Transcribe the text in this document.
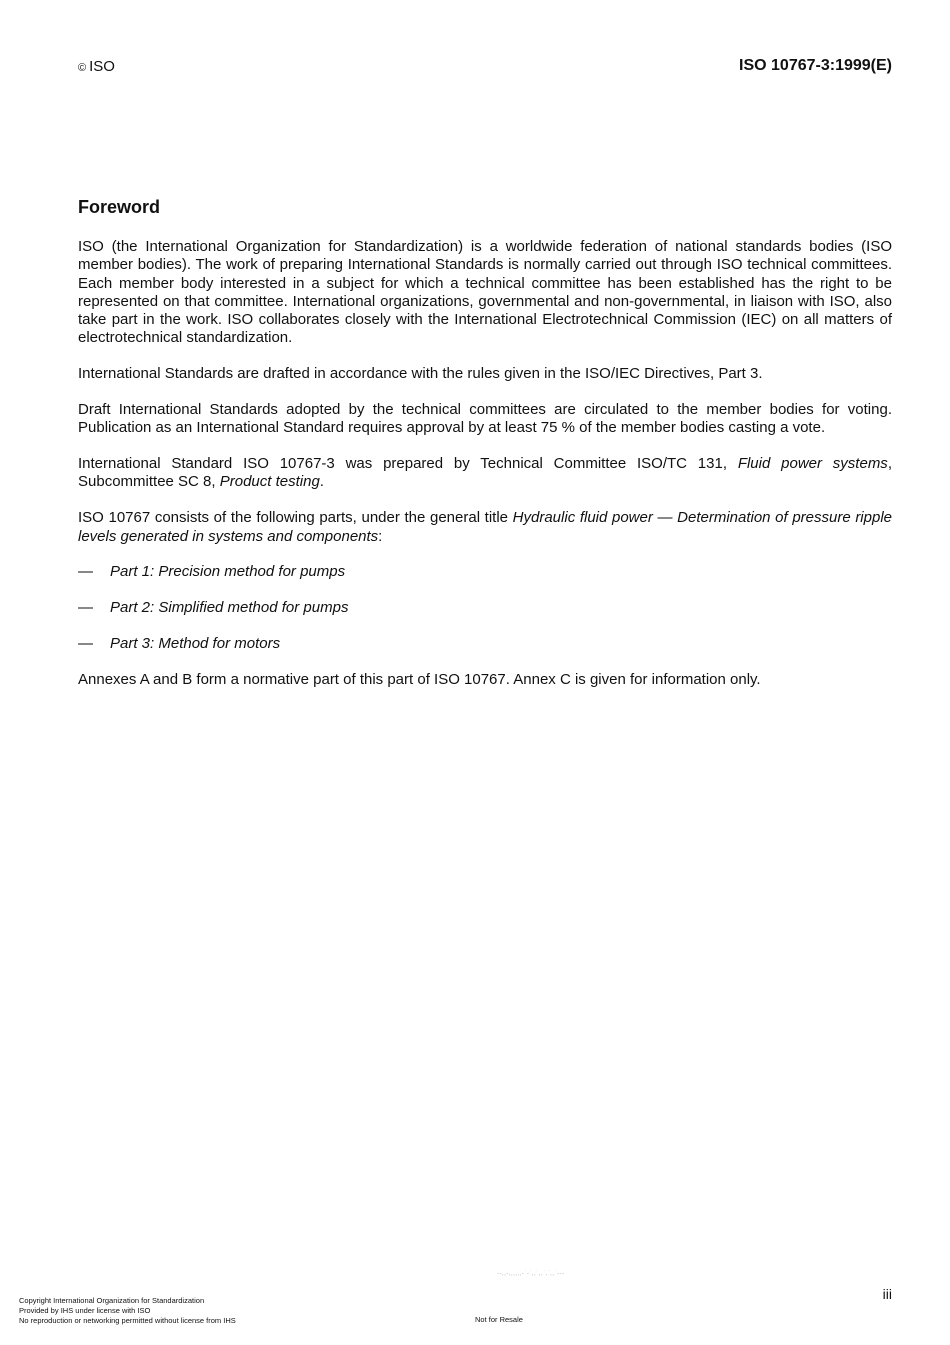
© ISO	ISO 10767-3:1999(E)
Foreword

ISO (the International Organization for Standardization) is a worldwide federation of national standards bodies (ISO member bodies). The work of preparing International Standards is normally carried out through ISO technical committees. Each member body interested in a subject for which a technical committee has been established has the right to be represented on that committee. International organizations, governmental and non-governmental, in liaison with ISO, also take part in the work. ISO collaborates closely with the International Electrotechnical Commission (IEC) on all matters of electrotechnical standardization.

International Standards are drafted in accordance with the rules given in the ISO/IEC Directives, Part 3.

Draft International Standards adopted by the technical committees are circulated to the member bodies for voting. Publication as an International Standard requires approval by at least 75 % of the member bodies casting a vote.

International Standard ISO 10767-3 was prepared by Technical Committee ISO/TC 131, Fluid power systems, Subcommittee SC 8, Product testing.

ISO 10767 consists of the following parts, under the general title Hydraulic fluid power — Determination of pressure ripple levels generated in systems and components:

—	Part 1: Precision method for pumps
—	Part 2: Simplified method for pumps
—	Part 3: Method for motors

Annexes A and B form a normative part of this part of ISO 10767. Annex C is given for information only.

--,,-,,,,,,-`-`,,`,,`,`,,`---
iii
Copyright International Organization for Standardization
Provided by IHS under license with ISO
No reproduction or networking permitted without license from IHS	Not for Resale
